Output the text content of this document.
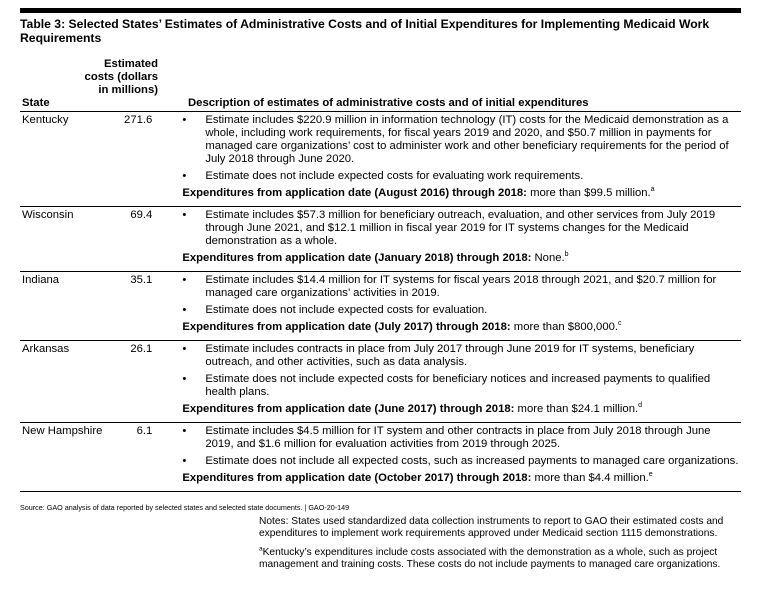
Table 3: Selected States’ Estimates of Administrative Costs and of Initial Expenditures for Implementing Medicaid Work Requirements
State
Estimated costs (dollars in millions)
Description of estimates of administrative costs and of initial expenditures
Kentucky	271.6	• Estimate includes $220.9 million in information technology (IT) costs for the Medicaid demonstration as a whole, including work requirements, for fiscal years 2019 and 2020, and $50.7 million in payments for managed care organizations’ cost to administer work and other beneficiary requirements for the period of July 2018 through June 2020.
• Estimate does not include expected costs for evaluating work requirements.
Expenditures from application date (August 2016) through 2018: more than $99.5 million.$^a$
Wisconsin	69.4	• Estimate includes $57.3 million for beneficiary outreach, evaluation, and other services from July 2019 through June 2021, and $12.1 million in fiscal year 2019 for IT systems changes for the Medicaid demonstration as a whole.
Expenditures from application date (January 2018) through 2018: None.$^b$
Indiana	35.1	• Estimate includes $14.4 million for IT systems for fiscal years 2018 through 2021, and $20.7 million for managed care organizations’ activities in 2019.
• Estimate does not include expected costs for evaluation.
Expenditures from application date (July 2017) through 2018: more than $800,000.$^c$
Arkansas	26.1	• Estimate includes contracts in place from July 2017 through June 2019 for IT systems, beneficiary outreach, and other activities, such as data analysis.
• Estimate does not include expected costs for beneficiary notices and increased payments to qualified health plans.
Expenditures from application date (June 2017) through 2018: more than $24.1 million.$^d$
New Hampshire	6.1	• Estimate includes $4.5 million for IT system and other contracts in place from July 2018 through June 2019, and $1.6 million for evaluation activities from 2019 through 2025.
• Estimate does not include all expected costs, such as increased payments to managed care organizations.
Expenditures from application date (October 2017) through 2018: more than $4.4 million.$^e$
Source: GAO analysis of data reported by selected states and selected state documents. | GAO-20-149

Notes: States used standardized data collection instruments to report to GAO their estimated costs and expenditures to implement work requirements approved under Medicaid section 1115 demonstrations.

$^a$Kentucky’s expenditures include costs associated with the demonstration as a whole, such as project management and training costs. These costs do not include payments to managed care organizations.
